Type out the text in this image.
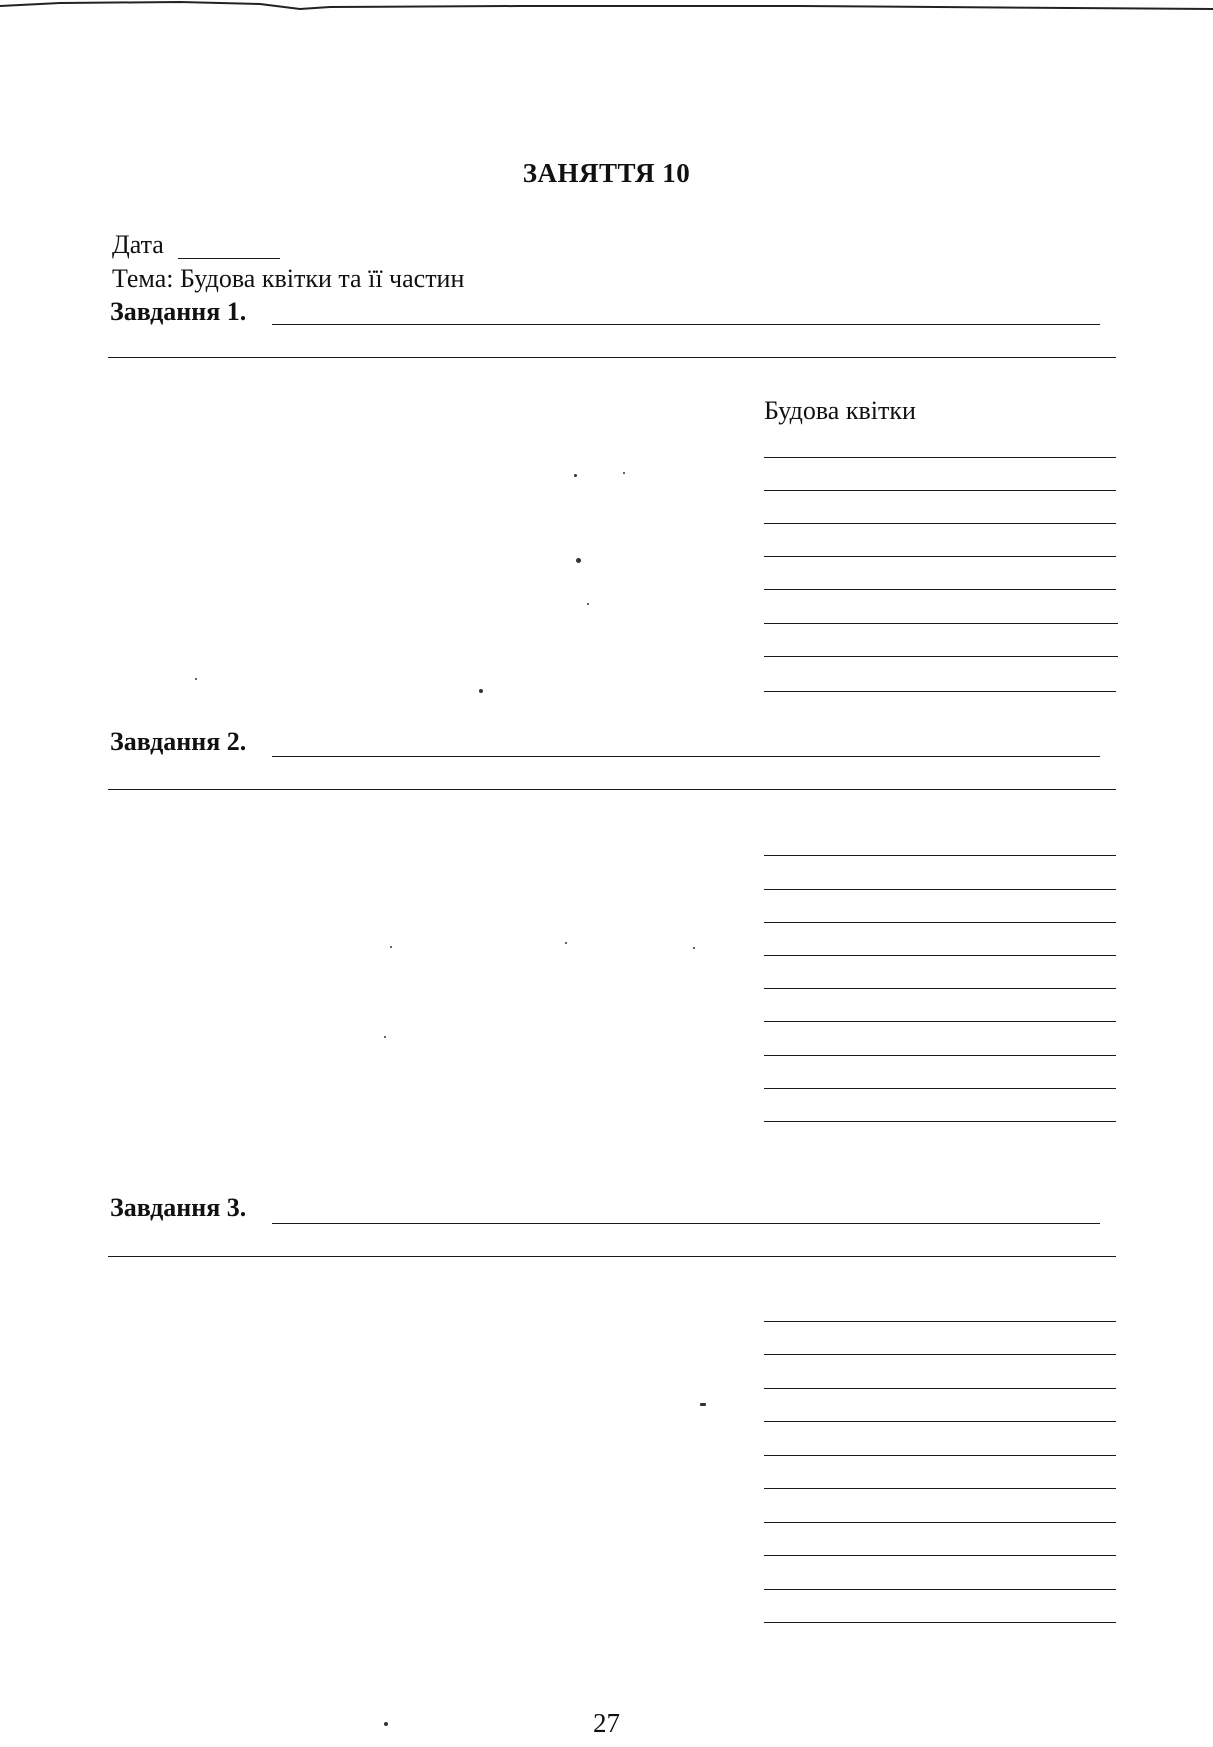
ЗАНЯТТЯ 10
Дата
Тема: Будова квітки та її частин
Завдання 1.
Будова квітки
Завдання 2.
Завдання 3.
27
